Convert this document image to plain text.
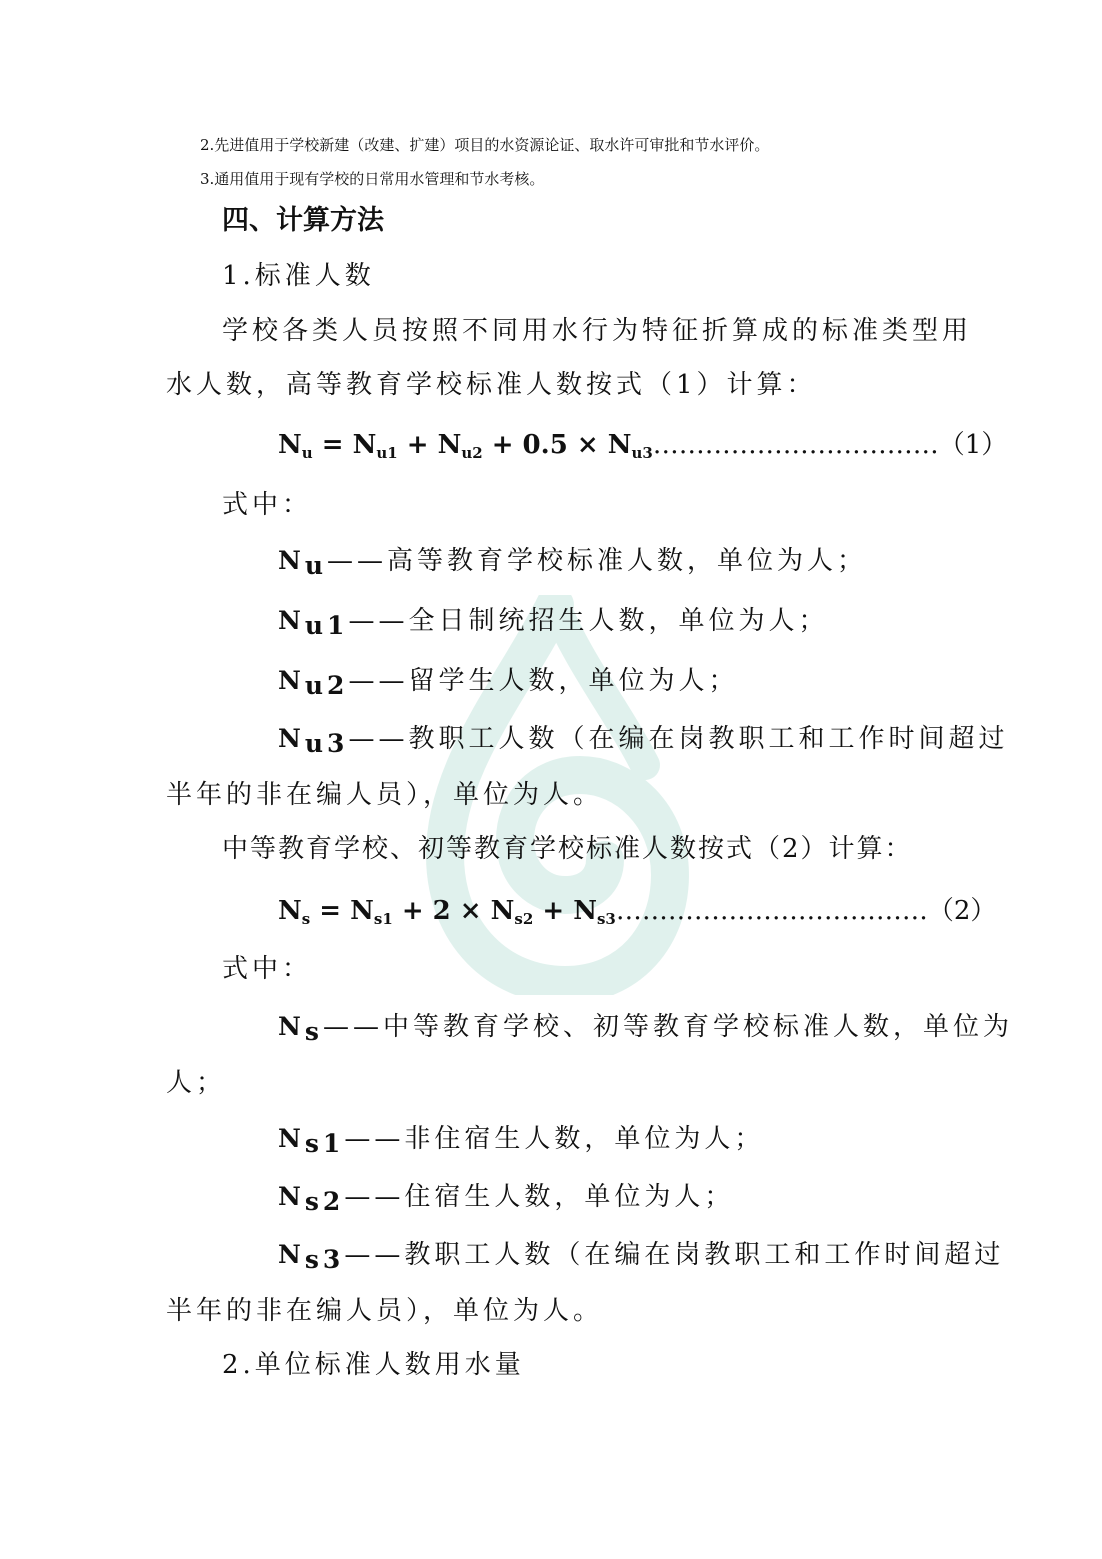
2.先进值用于学校新建（改建、扩建）项目的水资源论证、取水许可审批和节水评价。
3.通用值用于现有学校的日常用水管理和节水考核。
四、计算方法
1.标准人数
学校各类人员按照不同用水行为特征折算成的标准类型用
水人数，高等教育学校标准人数按式（1）计算：
$N_u = N_{u1} + N_{u2} + 0.5$ × $N_{u3}\dots\dots\dots\dots\dots\dots\dots\dots\dots\dots\dots(1)$
式中：
$N_u——$高等教育学校标准人数，单位为人；
$N_{u1}——$全日制统招生人数，单位为人；
$N_{u2}——$留学生人数，单位为人；
$N_{u3}——$教职工人数（在编在岗教职工和工作时间超过
半年的非在编人员），单位为人。
中等教育学校、初等教育学校标准人数按式（2）计算：
$N_s = N_{s1} + 2 \times N_{s2}$ + $N_{s3}\dots\dots\dots\dots\dots\dots\dots\dots\dots\dots\dots\dots(2)$
式中：
$N_s——$中等教育学校、初等教育学校标准人数，单位为
人；
$N_{s1}——$非住宿生人数，单位为人；
$N_{s2}——$住宿生人数，单位为人；
$N_{s3}——$教职工人数（在编在岗教职工和工作时间超过
半年的非在编人员），单位为人。
2.单位标准人数用水量
